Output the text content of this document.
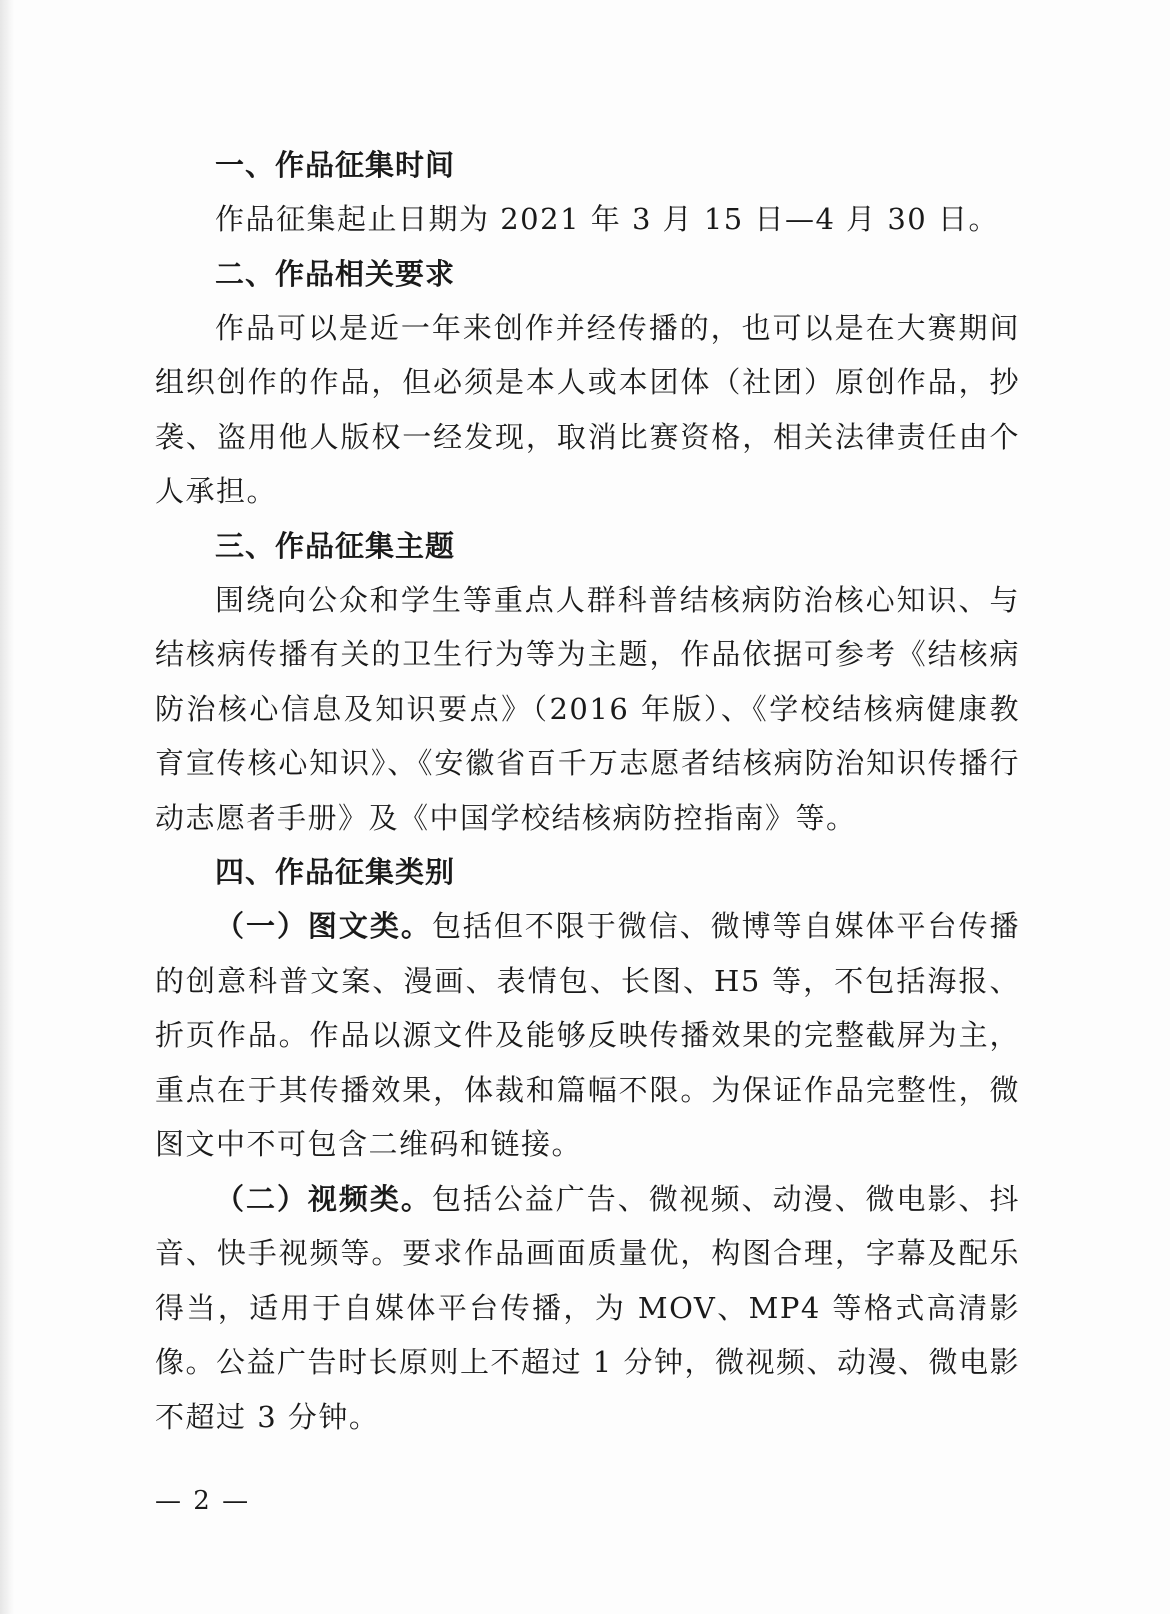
一、作品征集时间
作品征集起止日期为 2021 年 3 月 15 日—4 月 30 日。
二、作品相关要求
作品可以是近一年来创作并经传播的，也可以是在大赛期间组织创作的作品，但必须是本人或本团体（社团）原创作品，抄袭、盗用他人版权一经发现，取消比赛资格，相关法律责任由个人承担。
三、作品征集主题
围绕向公众和学生等重点人群科普结核病防治核心知识、与结核病传播有关的卫生行为等为主题，作品依据可参考《结核病防治核心信息及知识要点》（2016 年版）、《学校结核病健康教育宣传核心知识》、《安徽省百千万志愿者结核病防治知识传播行动志愿者手册》及《中国学校结核病防控指南》等。
四、作品征集类别
（一）图文类。包括但不限于微信、微博等自媒体平台传播的创意科普文案、漫画、表情包、长图、H5 等，不包括海报、折页作品。作品以源文件及能够反映传播效果的完整截屏为主，重点在于其传播效果，体裁和篇幅不限。为保证作品完整性，微图文中不可包含二维码和链接。
（二）视频类。包括公益广告、微视频、动漫、微电影、抖音、快手视频等。要求作品画面质量优，构图合理，字幕及配乐得当，适用于自媒体平台传播，为 MOV、MP4 等格式高清影像。公益广告时长原则上不超过 1 分钟，微视频、动漫、微电影不超过 3 分钟。
— 2 —
